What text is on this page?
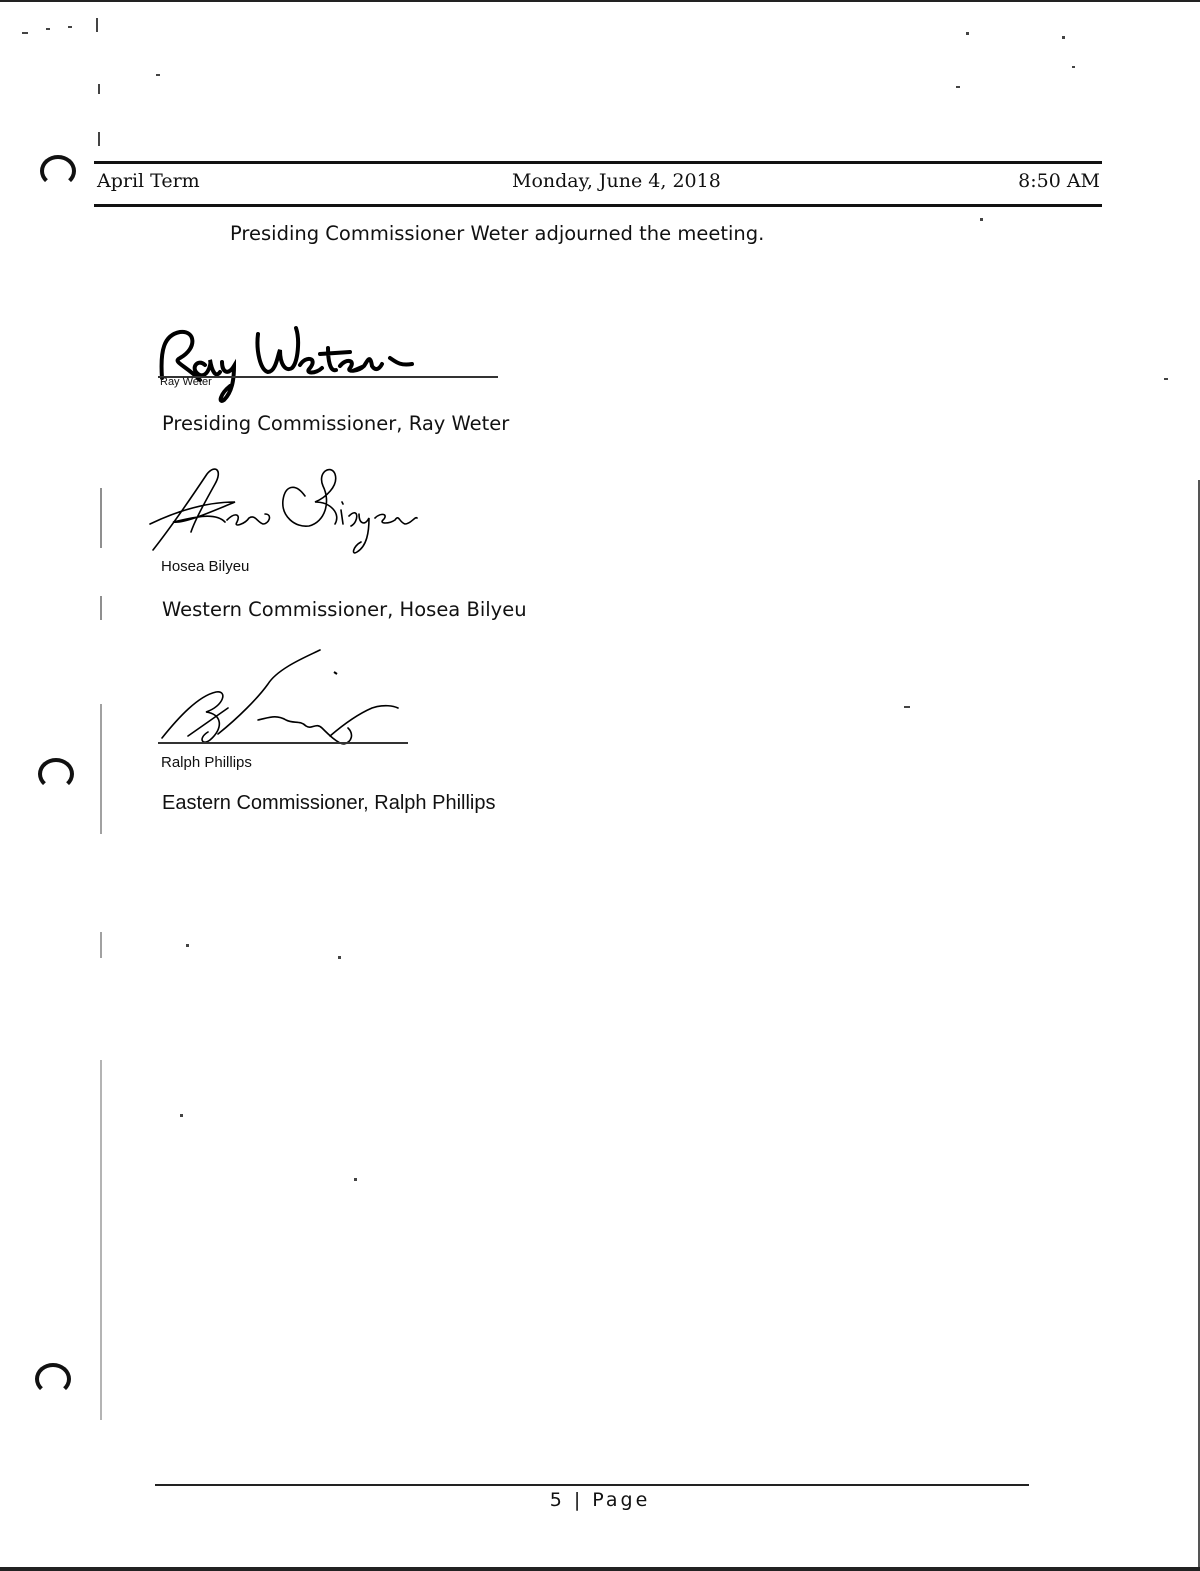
April Term	Monday, June 4, 2018	8:50 AM
Presiding Commissioner Weter adjourned the meeting.
Ray Weter
Presiding Commissioner, Ray Weter
Hosea Bilyeu
Western Commissioner, Hosea Bilyeu
Ralph Phillips
Eastern Commissioner, Ralph Phillips
5 | Page
